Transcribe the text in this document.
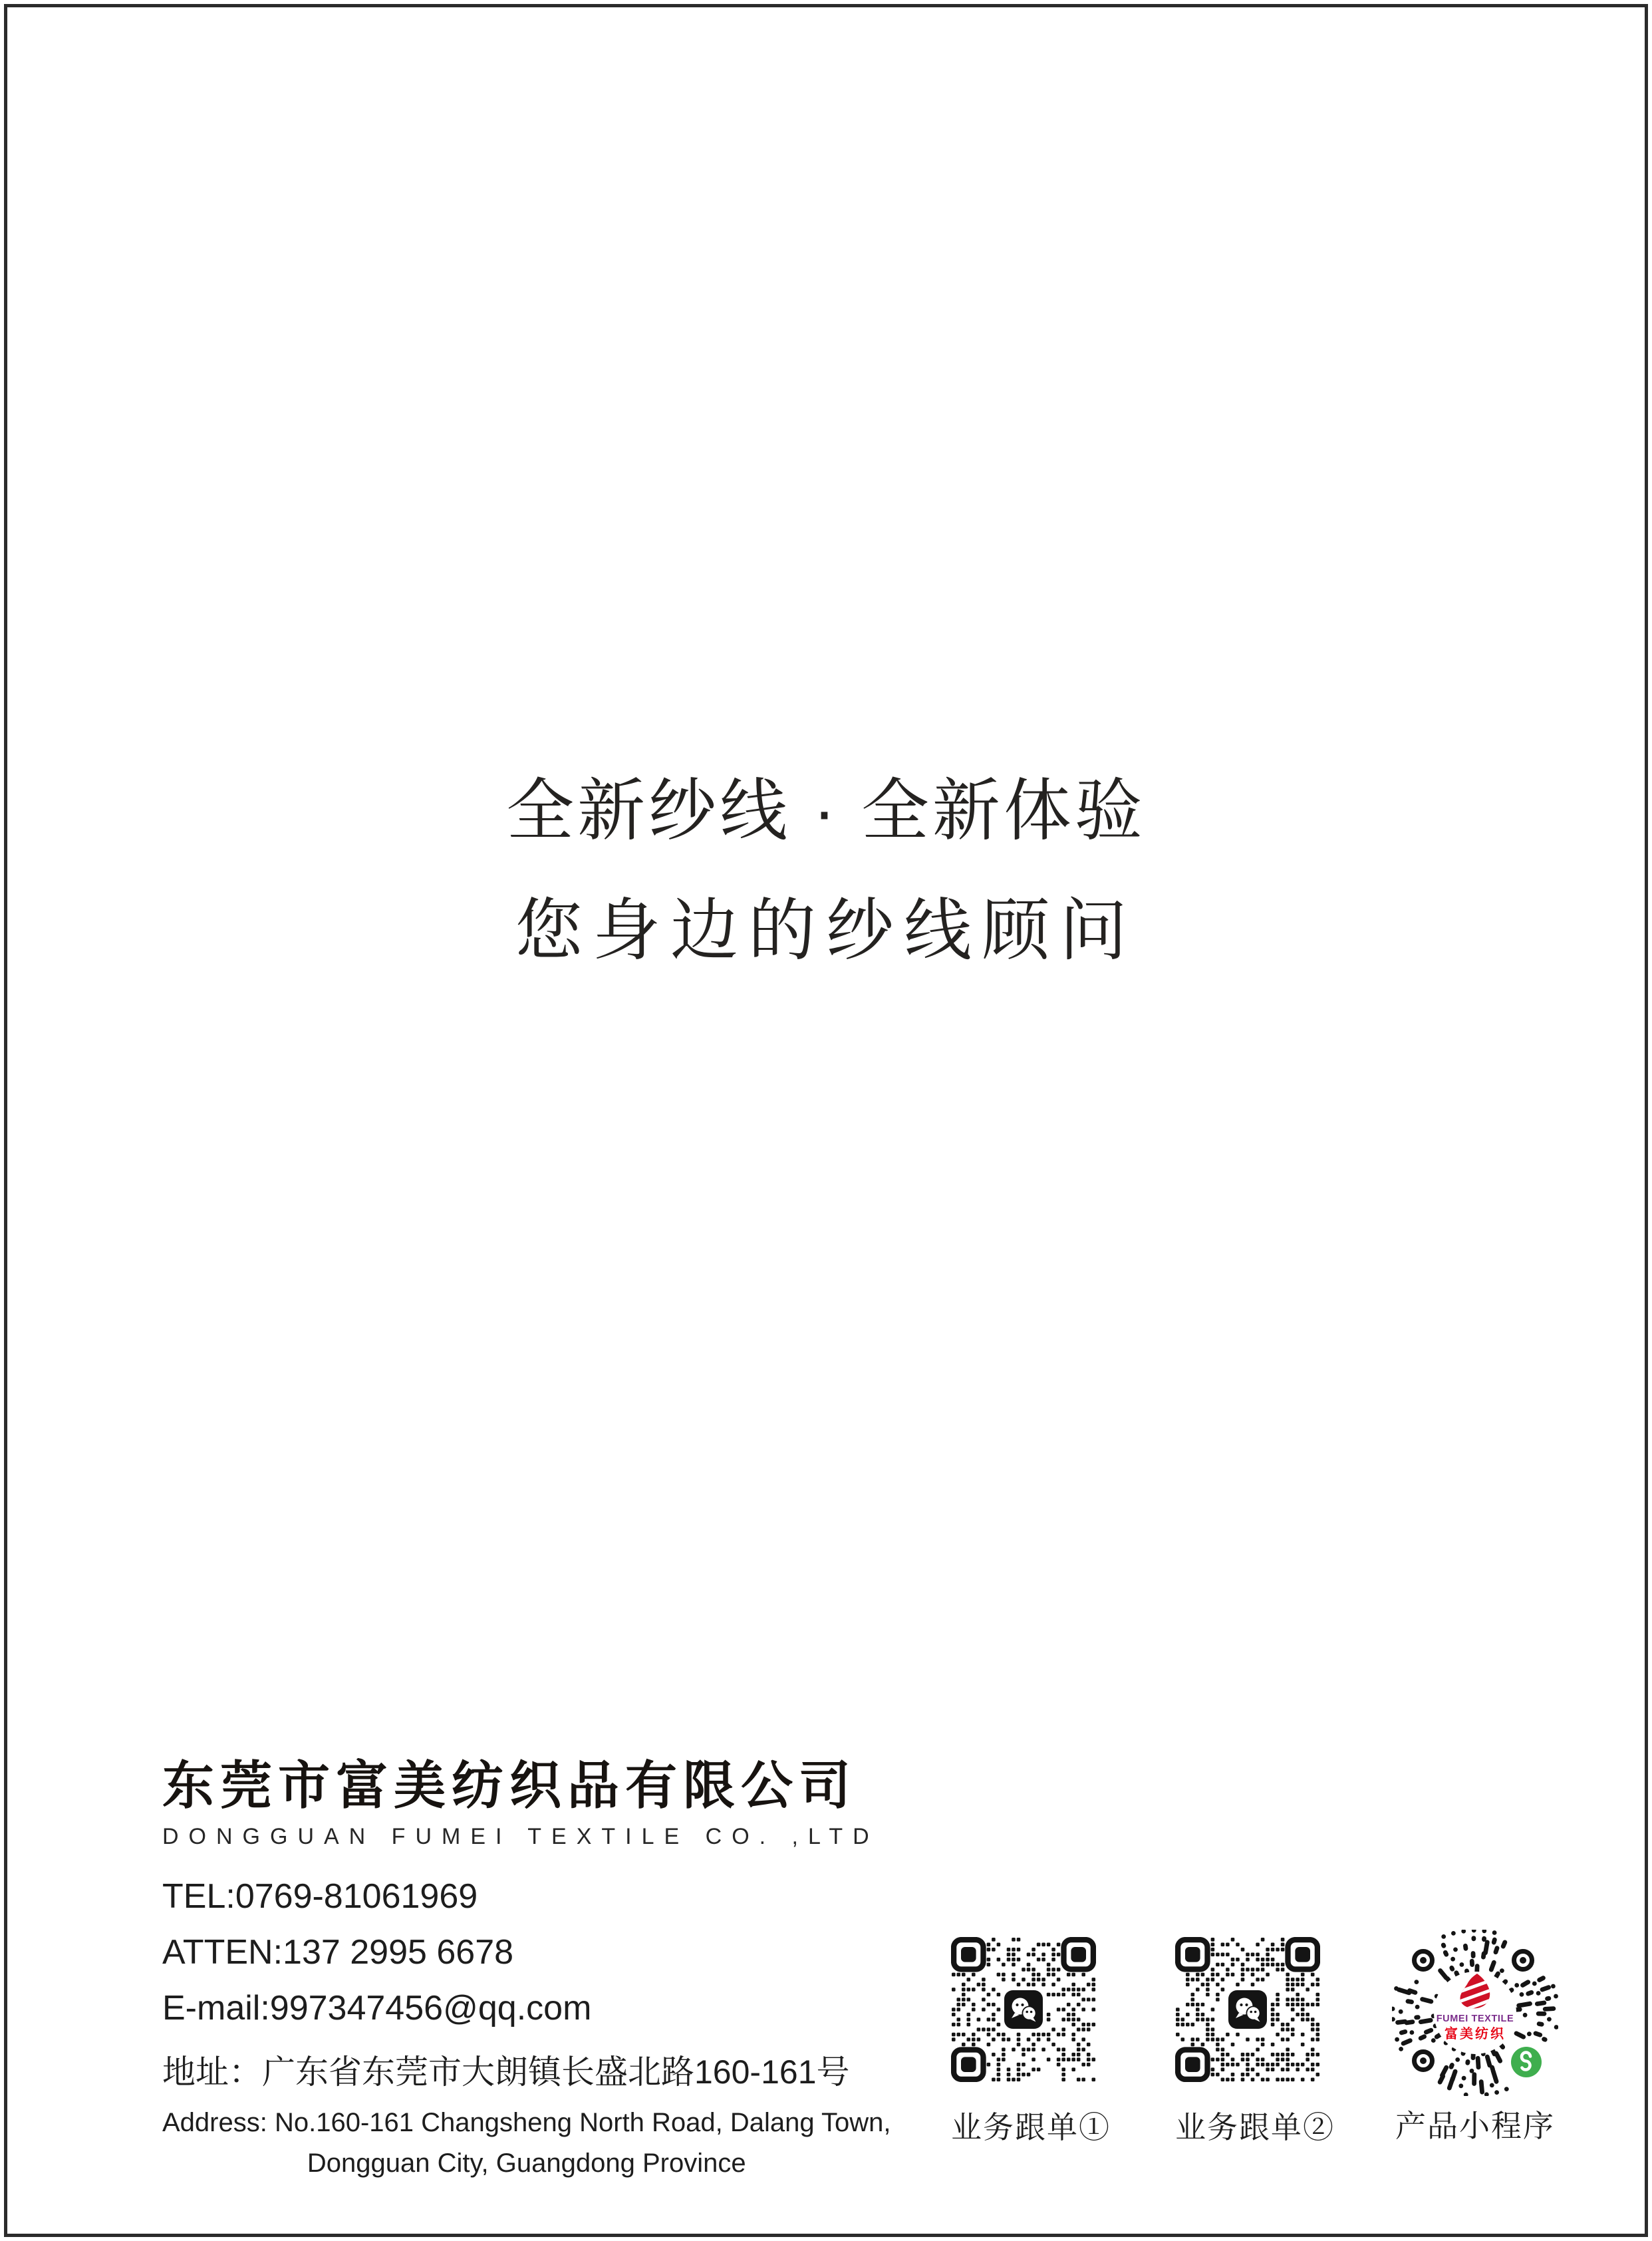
全新纱线 · 全新体验
您身边的纱线顾问
东莞市富美纺织品有限公司
DONGGUAN FUMEI TEXTILE CO. ,LTD
TEL:0769-81061969
ATTEN:137 2995 6678
E-mail:997347456@qq.com
地址：广东省东莞市大朗镇长盛北路160-161号
Address: No.160-161 Changsheng North Road, Dalang Town,
Dongguan City, Guangdong Province
业务跟单① 业务跟单②
FUMEI TEXTILE
富美纺织
产品小程序
